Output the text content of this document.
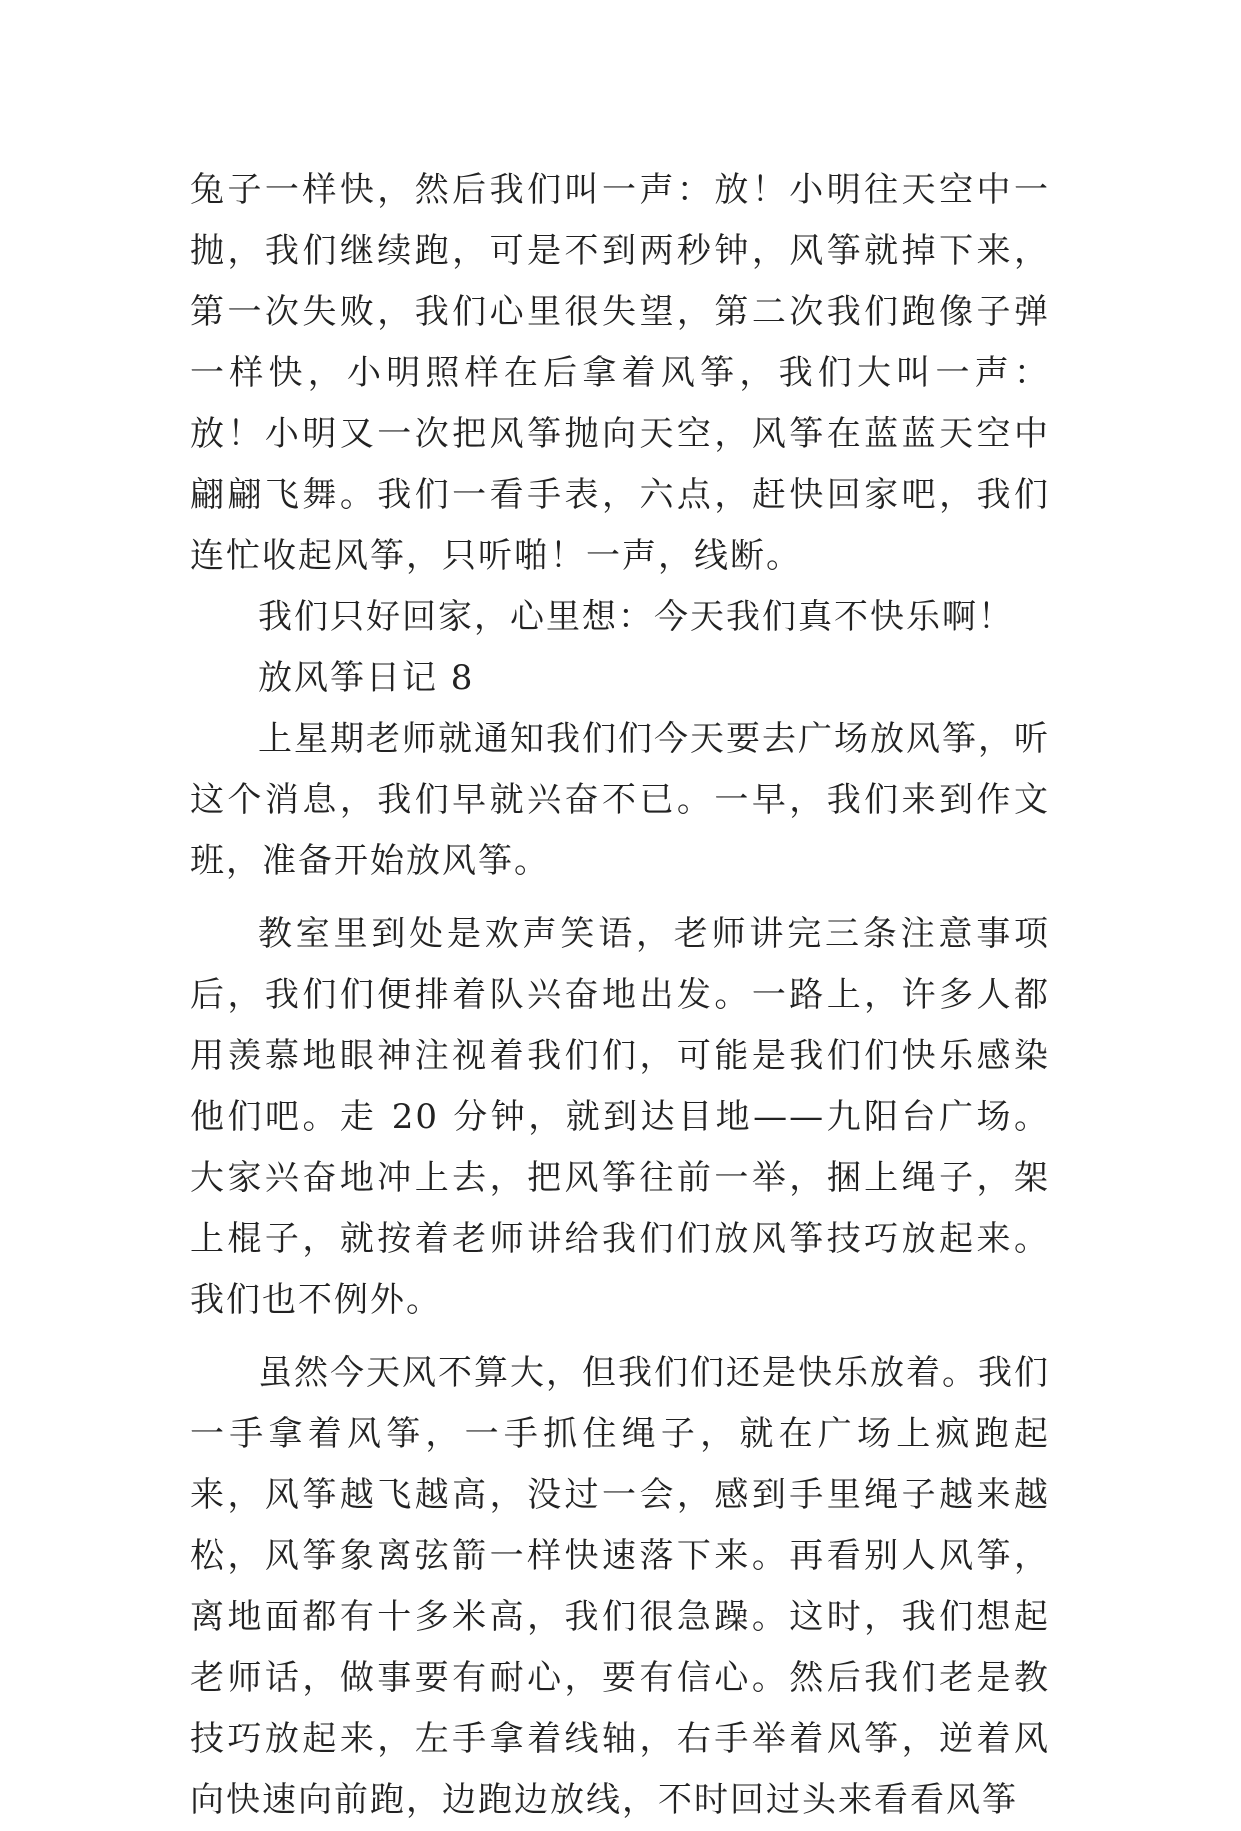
兔子一样快，然后我们叫一声：放！小明往天空中一抛，我们继续跑，可是不到两秒钟，风筝就掉下来，第一次失败，我们心里很失望，第二次我们跑像子弹一样快，小明照样在后拿着风筝，我们大叫一声：放！小明又一次把风筝抛向天空，风筝在蓝蓝天空中翩翩飞舞。我们一看手表，六点，赶快回家吧，我们连忙收起风筝，只听啪！一声，线断。

我们只好回家，心里想：今天我们真不快乐啊！

放风筝日记 8

上星期老师就通知我们们今天要去广场放风筝，听这个消息，我们早就兴奋不已。一早，我们来到作文班，准备开始放风筝。

教室里到处是欢声笑语，老师讲完三条注意事项后，我们们便排着队兴奋地出发。一路上，许多人都用羡慕地眼神注视着我们们，可能是我们们快乐感染他们吧。走 20 分钟，就到达目地——九阳台广场。大家兴奋地冲上去，把风筝往前一举，捆上绳子，架上棍子，就按着老师讲给我们们放风筝技巧放起来。我们也不例外。

虽然今天风不算大，但我们们还是快乐放着。我们一手拿着风筝，一手抓住绳子，就在广场上疯跑起来，风筝越飞越高，没过一会，感到手里绳子越来越松，风筝象离弦箭一样快速落下来。再看别人风筝，离地面都有十多米高，我们很急躁。这时，我们想起老师话，做事要有耐心，要有信心。然后我们老是教技巧放起来，左手拿着线轴，右手举着风筝，逆着风向快速向前跑，边跑边放线，不时回过头来看看风筝
